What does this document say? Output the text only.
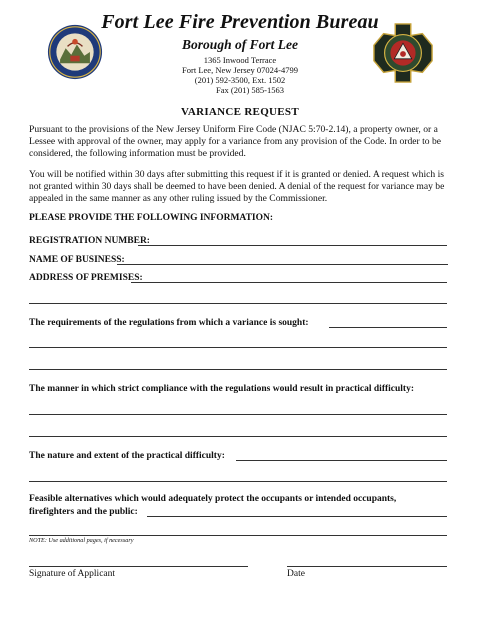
Fort Lee Fire Prevention Bureau
Borough of Fort Lee
1365 Inwood Terrace
Fort Lee, New Jersey 07024-4799
(201) 592-3500, Ext. 1502
Fax (201) 585-1563
VARIANCE REQUEST

Pursuant to the provisions of the New Jersey Uniform Fire Code (NJAC 5:70-2.14), a property owner, or a Lessee with approval of the owner, may apply for a variance from any provision of the Code. In order to be considered, the following information must be provided.

You will be notified within 30 days after submitting this request if it is granted or denied. A request which is not granted within 30 days shall be deemed to have been denied. A denial of the request for variance may be appealed in the same manner as any other ruling issued by the Commissioner.

PLEASE PROVIDE THE FOLLOWING INFORMATION:
REGISTRATION NUMBER:
NAME OF BUSINESS:
ADDRESS OF PREMISES:
The requirements of the regulations from which a variance is sought:
The manner in which strict compliance with the regulations would result in practical difficulty:
The nature and extent of the practical difficulty:
Feasible alternatives which would adequately protect the occupants or intended occupants,
firefighters and the public:
NOTE: Use additional pages, if necessary
Signature of Applicant	Date
